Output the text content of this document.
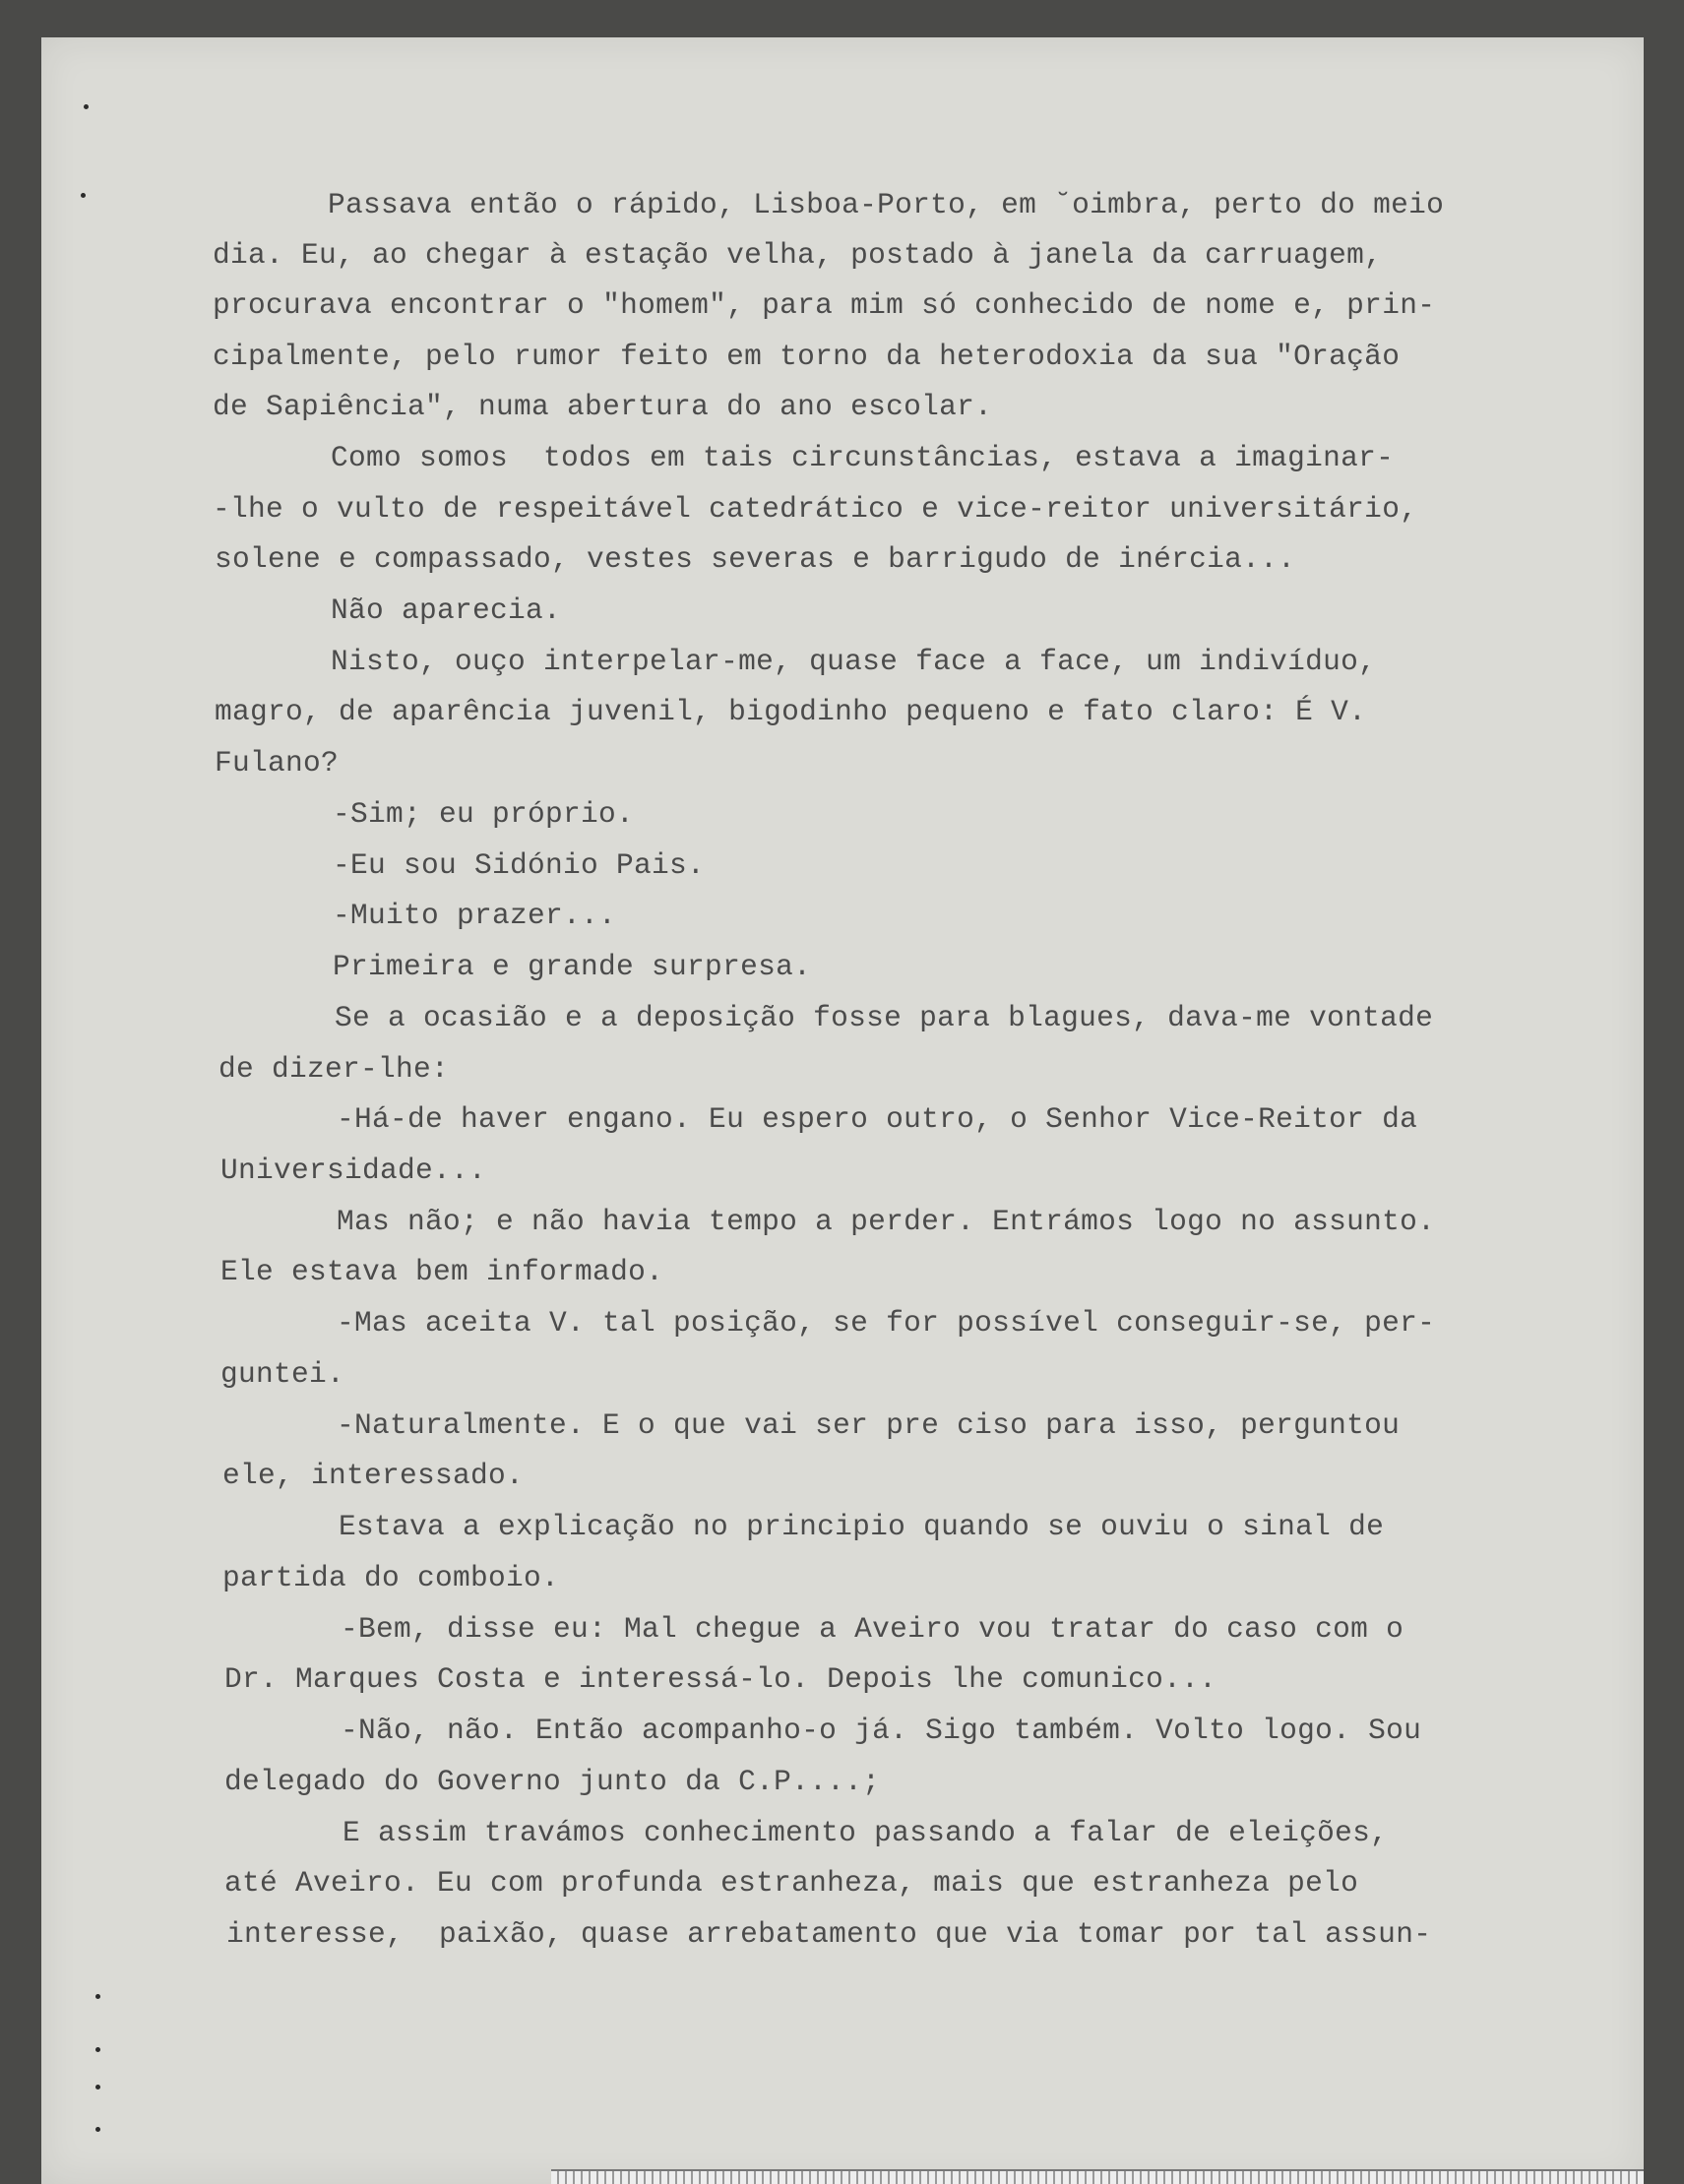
Passava então o rápido, Lisboa-Porto, em ˘oimbra, perto do meio
dia. Eu, ao chegar à estação velha, postado à janela da carruagem,
procurava encontrar o "homem", para mim só conhecido de nome e, prin-
cipalmente, pelo rumor feito em torno da heterodoxia da sua "Oração
de Sapiência", numa abertura do ano escolar.
Como somos  todos em tais circunstâncias, estava a imaginar-
-lhe o vulto de respeitável catedrático e vice-reitor universitário,
solene e compassado, vestes severas e barrigudo de inércia...
Não aparecia.
Nisto, ouço interpelar-me, quase face a face, um indivíduo,
magro, de aparência juvenil, bigodinho pequeno e fato claro: É V.
Fulano?
-Sim; eu próprio.
-Eu sou Sidónio Pais.
-Muito prazer...
Primeira e grande surpresa.
Se a ocasião e a deposição fosse para blagues, dava-me vontade
de dizer-lhe:
-Há-de haver engano. Eu espero outro, o Senhor Vice-Reitor da
Universidade...
Mas não; e não havia tempo a perder. Entrámos logo no assunto.
Ele estava bem informado.
-Mas aceita V. tal posição, se for possível conseguir-se, per-
guntei.
-Naturalmente. E o que vai ser pre ciso para isso, perguntou
ele, interessado.
Estava a explicação no principio quando se ouviu o sinal de
partida do comboio.
-Bem, disse eu: Mal chegue a Aveiro vou tratar do caso com o
Dr. Marques Costa e interessá-lo. Depois lhe comunico...
-Não, não. Então acompanho-o já. Sigo também. Volto logo. Sou
delegado do Governo junto da C.P....;
E assim travámos conhecimento passando a falar de eleições,
até Aveiro. Eu com profunda estranheza, mais que estranheza pelo
interesse,  paixão, quase arrebatamento que via tomar por tal assun-
